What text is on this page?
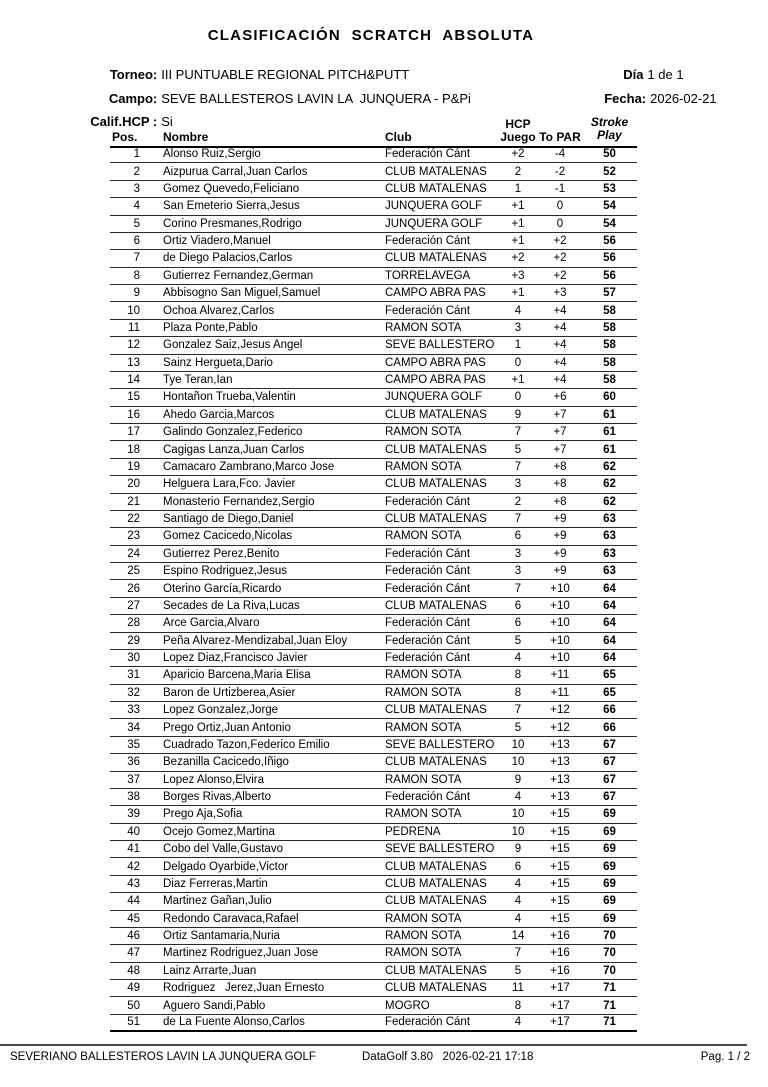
CLASIFICACIÓN  SCRATCH  ABSOLUTA

Torneo: III PUNTUABLE REGIONAL PITCH&PUTT

Campo: SEVE BALLESTEROS LAVIN LA  JUNQUERA - P&Pi

Calif.HCP : Si

Día 1 de 1

Fecha: 2026-02-21

Pos.	Nombre	Club
HCP
Juego To PAR
Stroke
Play
1	Alonso Ruiz,Sergio	Federación Cánt	+2	-4	50
2	Aizpurua Carral,Juan Carlos	CLUB MATALEÑAS	2	-2	52
3	Gomez Quevedo,Feliciano	CLUB MATALEÑAS	1	-1	53
4	San Emeterio Sierra,Jesus	JUNQUERA GOLF	+1	0	54
5	Corino Presmanes,Rodrigo	JUNQUERA GOLF	+1	0	54
6	Ortiz Viadero,Manuel	Federación Cánt	+1	+2	56
7	de Diego Palacios,Carlos	CLUB MATALEÑAS	+2	+2	56
8	Gutierrez Fernandez,German	TORRELAVEGA	+3	+2	56
9	Abbisogno San Miguel,Samuel	CAMPO ABRA PAS	+1	+3	57
10	Ochoa Alvarez,Carlos	Federación Cánt	4	+4	58
11	Plaza Ponte,Pablo	RAMON SOTA	3	+4	58
12	Gonzalez Saiz,Jesus Angel	SEVE BALLESTERO	1	+4	58
13	Sainz Hergueta,Dario	CAMPO ABRA PAS	0	+4	58
14	Tye Teran,Ian	CAMPO ABRA PAS	+1	+4	58
15	Hontañon Trueba,Valentin	JUNQUERA GOLF	0	+6	60
16	Ahedo Garcia,Marcos	CLUB MATALEÑAS	9	+7	61
17	Galindo Gonzalez,Federico	RAMON SOTA	7	+7	61
18	Cagigas Lanza,Juan Carlos	CLUB MATALEÑAS	5	+7	61
19	Camacaro Zambrano,Marco Jose	RAMON SOTA	7	+8	62
20	Helguera Lara,Fco. Javier	CLUB MATALEÑAS	3	+8	62
21	Monasterio Fernandez,Sergio	Federación Cánt	2	+8	62
22	Santiago de Diego,Daniel	CLUB MATALEÑAS	7	+9	63
23	Gomez Cacicedo,Nicolas	RAMON SOTA	6	+9	63
24	Gutierrez Perez,Benito	Federación Cánt	3	+9	63
25	Espino Rodriguez,Jesus	Federación Cánt	3	+9	63
26	Oterino García,Ricardo	Federación Cánt	7	+10	64
27	Secades de La Riva,Lucas	CLUB MATALEÑAS	6	+10	64
28	Arce Garcia,Alvaro	Federación Cánt	6	+10	64
29	Peña Alvarez-Mendizabal,Juan Eloy	Federación Cánt	5	+10	64
30	Lopez Diaz,Francisco Javier	Federación Cánt	4	+10	64
31	Aparicio Barcena,Maria Elisa	RAMON SOTA	8	+11	65
32	Baron de Urtizberea,Asier	RAMON SOTA	8	+11	65
33	Lopez Gonzalez,Jorge	CLUB MATALEÑAS	7	+12	66
34	Prego Ortiz,Juan Antonio	RAMON SOTA	5	+12	66
35	Cuadrado Tazon,Federico Emilio	SEVE BALLESTERO	10	+13	67
36	Bezanilla Cacicedo,Iñigo	CLUB MATALEÑAS	10	+13	67
37	Lopez Alonso,Elvira	RAMON SOTA	9	+13	67
38	Borges Rivas,Alberto	Federación Cánt	4	+13	67
39	Prego Aja,Sofia	RAMON SOTA	10	+15	69
40	Ocejo Gomez,Martina	PEDREÑA	10	+15	69
41	Cobo del Valle,Gustavo	SEVE BALLESTERO	9	+15	69
42	Delgado Oyarbide,Victor	CLUB MATALEÑAS	6	+15	69
43	Diaz Ferreras,Martin	CLUB MATALEÑAS	4	+15	69
44	Martinez Gañan,Julio	CLUB MATALEÑAS	4	+15	69
45	Redondo Caravaca,Rafael	RAMON SOTA	4	+15	69
46	Ortiz Santamaria,Nuria	RAMON SOTA	14	+16	70
47	Martinez Rodriguez,Juan Jose	RAMON SOTA	7	+16	70
48	Lainz Arrarte,Juan	CLUB MATALEÑAS	5	+16	70
49	Rodriguez   Jerez,Juan Ernesto	CLUB MATALEÑAS	11	+17	71
50	Aguero Sandi,Pablo	MOGRO	8	+17	71
51	de La Fuente Alonso,Carlos	Federación Cánt	4	+17	71
SEVERIANO BALLESTEROS LAVIN LA JUNQUERA GOLF	DataGolf 3.80   2026-02-21 17:18	Pag. 1 / 2
